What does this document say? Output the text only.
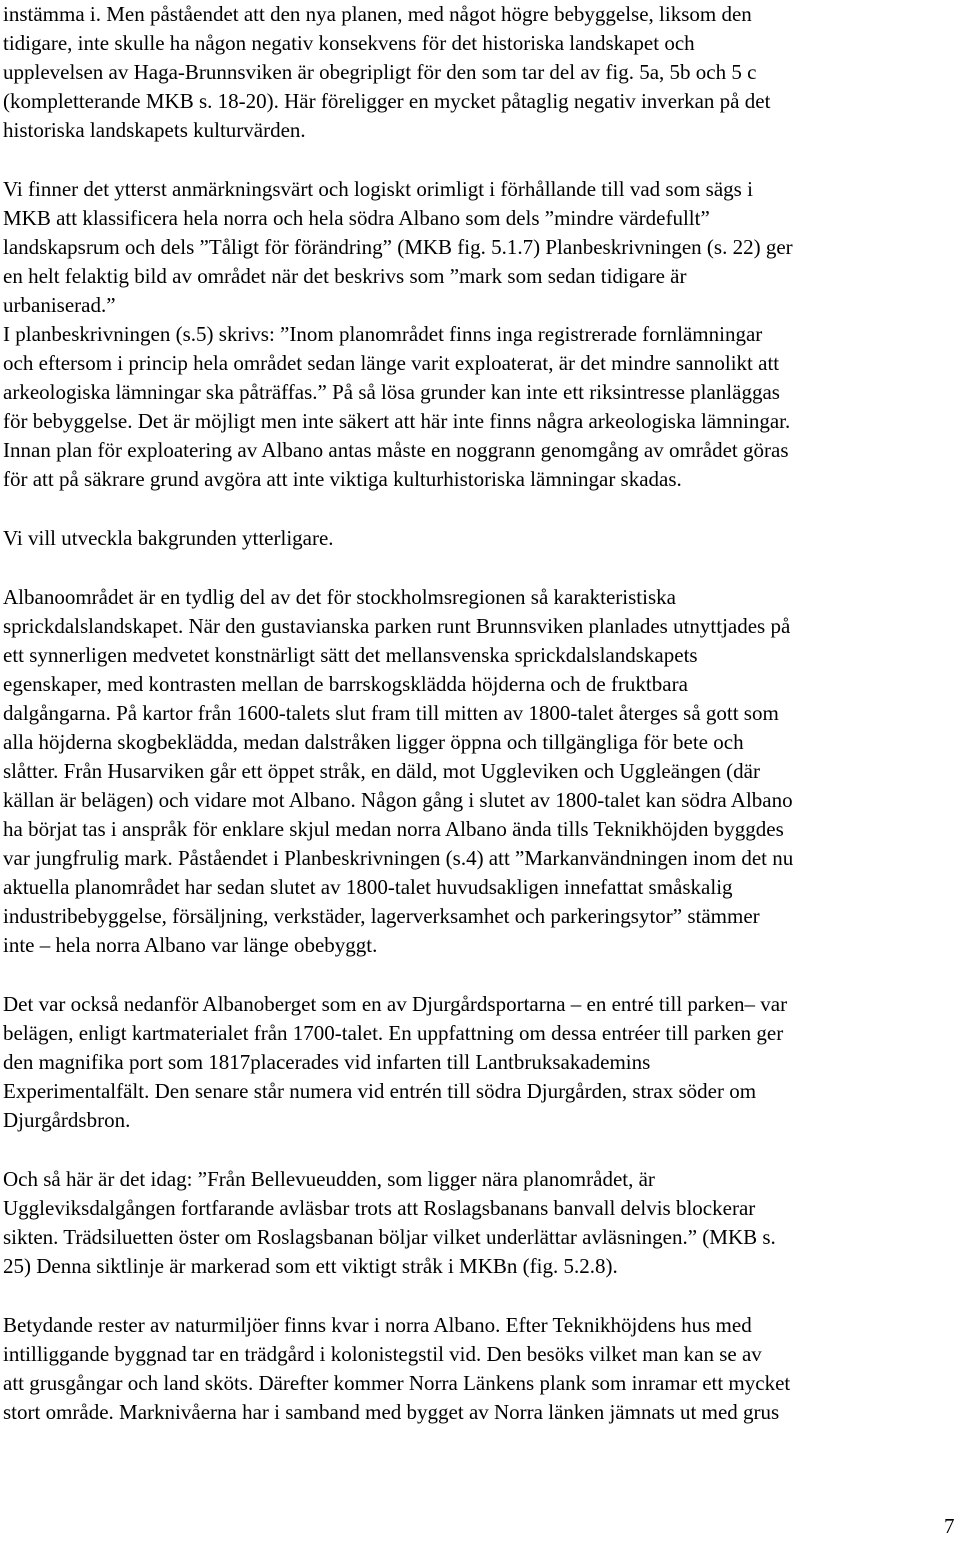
instämma i. Men påståendet att den nya planen, med något högre bebyggelse, liksom den
tidigare, inte skulle ha någon negativ konsekvens för det historiska landskapet och
upplevelsen av Haga-Brunnsviken är obegripligt för den som tar del av fig. 5a, 5b och 5 c
(kompletterande MKB s. 18-20). Här föreligger en mycket påtaglig negativ inverkan på det
historiska landskapets kulturvärden.

Vi finner det ytterst anmärkningsvärt och logiskt orimligt i förhållande till vad som sägs i
MKB att klassificera hela norra och hela södra Albano som dels ”mindre värdefullt”
landskapsrum och dels ”Tåligt för förändring” (MKB fig. 5.1.7) Planbeskrivningen (s. 22) ger
en helt felaktig bild av området när det beskrivs som ”mark som sedan tidigare är
urbaniserad.”

I planbeskrivningen (s.5) skrivs: ”Inom planområdet finns inga registrerade fornlämningar
och eftersom i princip hela området sedan länge varit exploaterat, är det mindre sannolikt att
arkeologiska lämningar ska påträffas.” På så lösa grunder kan inte ett riksintresse planläggas
för bebyggelse. Det är möjligt men inte säkert att här inte finns några arkeologiska lämningar.
Innan plan för exploatering av Albano antas måste en noggrann genomgång av området göras
för att på säkrare grund avgöra att inte viktiga kulturhistoriska lämningar skadas.

Vi vill utveckla bakgrunden ytterligare.

Albanoområdet är en tydlig del av det för stockholmsregionen så karakteristiska
sprickdalslandskapet. När den gustavianska parken runt Brunnsviken planlades utnyttjades på
ett synnerligen medvetet konstnärligt sätt det mellansvenska sprickdalslandskapets
egenskaper, med kontrasten mellan de barrskogsklädda höjderna och de fruktbara
dalgångarna. På kartor från 1600-talets slut fram till mitten av 1800-talet återges så gott som
alla höjderna skogbeklädda, medan dalstråken ligger öppna och tillgängliga för bete och
slåtter. Från Husarviken går ett öppet stråk, en däld, mot Uggleviken och Uggleängen (där
källan är belägen) och vidare mot Albano. Någon gång i slutet av 1800-talet kan södra Albano
ha börjat tas i anspråk för enklare skjul medan norra Albano ända tills Teknikhöjden byggdes
var jungfrulig mark. Påståendet i Planbeskrivningen (s.4) att ”Markanvändningen inom det nu
aktuella planområdet har sedan slutet av 1800-talet huvudsakligen innefattat småskalig
industribebyggelse, försäljning, verkstäder, lagerverksamhet och parkeringsytor” stämmer
inte – hela norra Albano var länge obebyggt.

Det var också nedanför Albanoberget som en av Djurgårdsportarna – en entré till parken– var
belägen, enligt kartmaterialet från 1700-talet. En uppfattning om dessa entréer till parken ger
den magnifika port som 1817placerades vid infarten till Lantbruksakademins
Experimentalfält. Den senare står numera vid entrén till södra Djurgården, strax söder om
Djurgårdsbron.

Och så här är det idag: ”Från Bellevueudden, som ligger nära planområdet, är
Uggleviksdalgången fortfarande avläsbar trots att Roslagsbanans banvall delvis blockerar
sikten. Trädsiluetten öster om Roslagsbanan böljar vilket underlättar avläsningen.” (MKB s.
25) Denna siktlinje är markerad som ett viktigt stråk i MKBn (fig. 5.2.8).

Betydande rester av naturmiljöer finns kvar i norra Albano. Efter Teknikhöjdens hus med
intilliggande byggnad tar en trädgård i kolonistegstil vid. Den besöks vilket man kan se av
att grusgångar och land sköts. Därefter kommer Norra Länkens plank som inramar ett mycket
stort område. Marknivåerna har i samband med bygget av Norra länken jämnats ut med grus

7
